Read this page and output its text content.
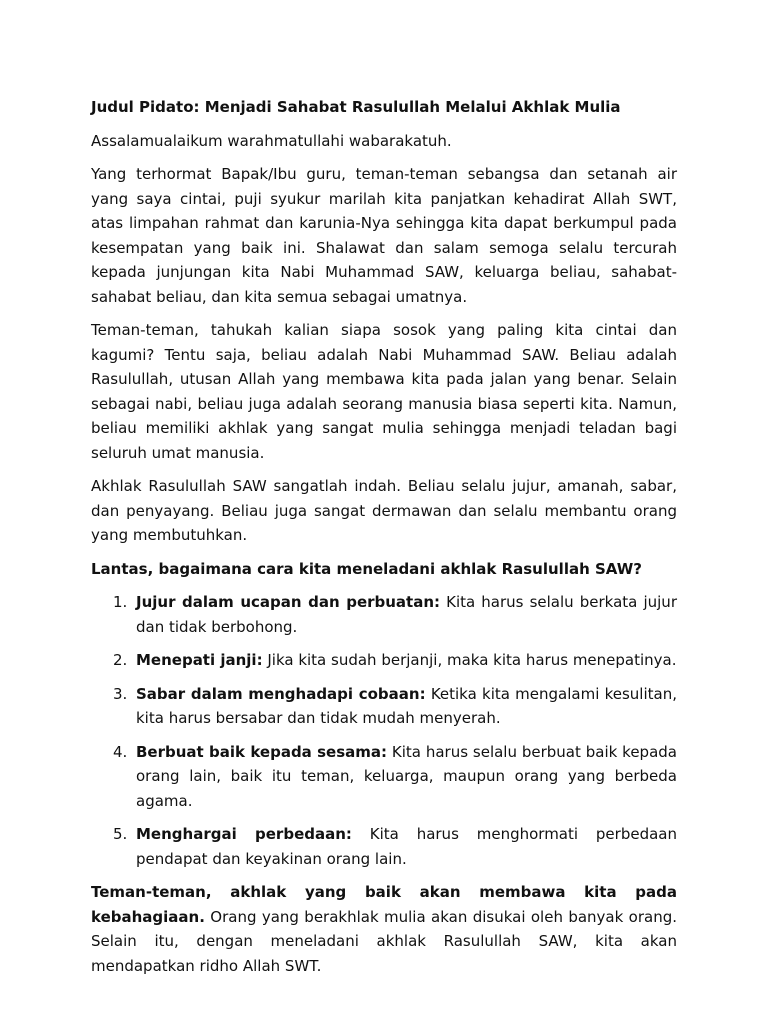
Judul Pidato: Menjadi Sahabat Rasulullah Melalui Akhlak Mulia

Assalamualaikum warahmatullahi wabarakatuh.

Yang terhormat Bapak/Ibu guru, teman-teman sebangsa dan setanah air yang saya cintai, puji syukur marilah kita panjatkan kehadirat Allah SWT, atas limpahan rahmat dan karunia-Nya sehingga kita dapat berkumpul pada kesempatan yang baik ini. Shalawat dan salam semoga selalu tercurah kepada junjungan kita Nabi Muhammad SAW, keluarga beliau, sahabat-sahabat beliau, dan kita semua sebagai umatnya.

Teman-teman, tahukah kalian siapa sosok yang paling kita cintai dan kagumi? Tentu saja, beliau adalah Nabi Muhammad SAW. Beliau adalah Rasulullah, utusan Allah yang membawa kita pada jalan yang benar. Selain sebagai nabi, beliau juga adalah seorang manusia biasa seperti kita. Namun, beliau memiliki akhlak yang sangat mulia sehingga menjadi teladan bagi seluruh umat manusia.

Akhlak Rasulullah SAW sangatlah indah. Beliau selalu jujur, amanah, sabar, dan penyayang. Beliau juga sangat dermawan dan selalu membantu orang yang membutuhkan.

Lantas, bagaimana cara kita meneladani akhlak Rasulullah SAW?

1. Jujur dalam ucapan dan perbuatan: Kita harus selalu berkata jujur dan tidak berbohong.
2. Menepati janji: Jika kita sudah berjanji, maka kita harus menepatinya.
3. Sabar dalam menghadapi cobaan: Ketika kita mengalami kesulitan, kita harus bersabar dan tidak mudah menyerah.
4. Berbuat baik kepada sesama: Kita harus selalu berbuat baik kepada orang lain, baik itu teman, keluarga, maupun orang yang berbeda agama.
5. Menghargai perbedaan: Kita harus menghormati perbedaan pendapat dan keyakinan orang lain.

Teman-teman, akhlak yang baik akan membawa kita pada kebahagiaan. Orang yang berakhlak mulia akan disukai oleh banyak orang. Selain itu, dengan meneladani akhlak Rasulullah SAW, kita akan mendapatkan ridho Allah SWT.
